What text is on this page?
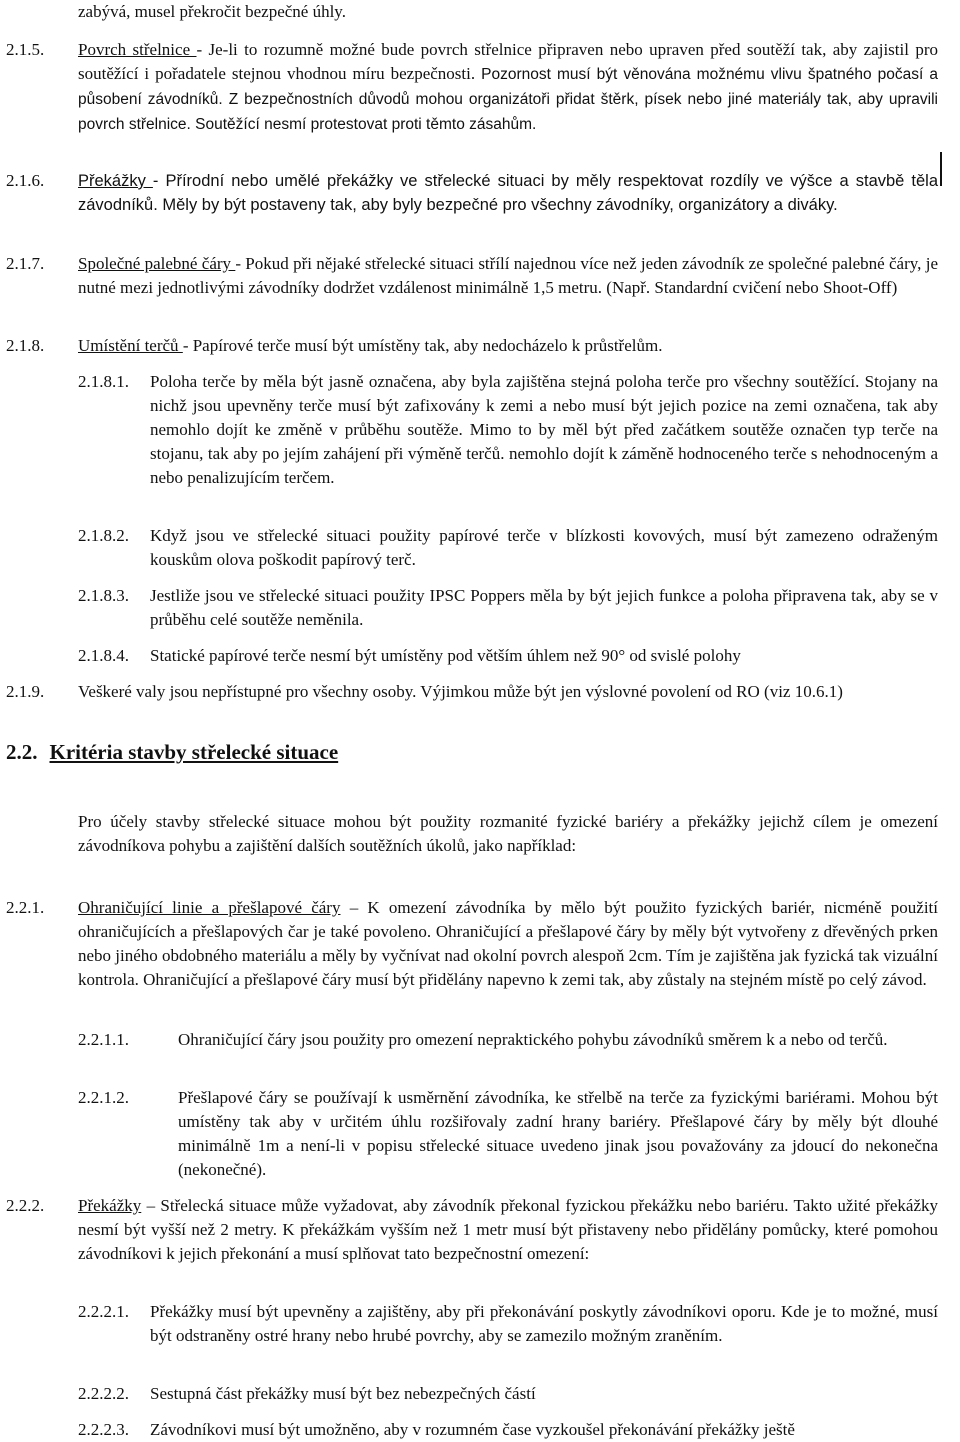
zabývá, musel překročit bezpečné úhly.
2.1.5. Povrch střelnice - Je-li to rozumně možné bude povrch střelnice připraven nebo upraven před soutěží tak, aby zajistil pro soutěžící i pořadatele stejnou vhodnou míru bezpečnosti. Pozornost musí být věnována možnému vlivu špatného počasí a působení závodníků. Z bezpečnostních důvodů mohou organizátoři přidat štěrk, písek nebo jiné materiály tak, aby upravili povrch střelnice. Soutěžící nesmí protestovat proti těmto zásahům.
2.1.6. Překážky - Přírodní nebo umělé překážky ve střelecké situaci by měly respektovat rozdíly ve výšce a stavbě těla závodníků. Měly by být postaveny tak, aby byly bezpečné pro všechny závodníky, organizátory a diváky.
2.1.7. Společné palebné čáry - Pokud při nějaké střelecké situaci střílí najednou více než jeden závodník ze společné palebné čáry, je nutné mezi jednotlivými závodníky dodržet vzdálenost minimálně 1,5 metru. (Např. Standardní cvičení nebo Shoot-Off)
2.1.8. Umístění terčů - Papírové terče musí být umístěny tak, aby nedocházelo k průstřelům.
2.1.8.1. Poloha terče by měla být jasně označena, aby byla zajištěna stejná poloha terče pro všechny soutěžící. Stojany na nichž jsou upevněny terče musí být zafixovány k zemi a nebo musí být jejich pozice na zemi označena, tak aby nemohlo dojít ke změně v průběhu soutěže. Mimo to by měl být před začátkem soutěže označen typ terče na stojanu, tak aby po jejím zahájení při výměně terčů. nemohlo dojít k záměně hodnoceného terče s nehodnoceným a nebo penalizujícím terčem.
2.1.8.2. Když jsou ve střelecké situaci použity papírové terče v blízkosti kovových, musí být zamezeno odraženým kouskům olova poškodit papírový terč.
2.1.8.3. Jestliže jsou ve střelecké situaci použity IPSC Poppers měla by být jejich funkce a poloha připravena tak, aby se v průběhu celé soutěže neměnila.
2.1.8.4. Statické papírové terče nesmí být umístěny pod větším úhlem než 90° od svislé polohy
2.1.9. Veškeré valy jsou nepřístupné pro všechny osoby. Výjimkou může být jen výslovné povolení od RO (viz 10.6.1)
2.2. Kritéria stavby střelecké situace
Pro účely stavby střelecké situace mohou být použity rozmanité fyzické bariéry a překážky jejichž cílem je omezení závodníkova pohybu a zajištění dalších soutěžních úkolů, jako například:
2.2.1. Ohraničující linie a přešlapové čáry – K omezení závodníka by mělo být použito fyzických bariér, nicméně použití ohraničujících a přešlapových čar je také povoleno. Ohraničující a přešlapové čáry by měly být vytvořeny z dřevěných prken nebo jiného obdobného materiálu a měly by vyčnívat nad okolní povrch alespoň 2cm. Tím je zajištěna jak fyzická tak vizuální kontrola. Ohraničující a přešlapové čáry musí být přidělány napevno k zemi tak, aby zůstaly na stejném místě po celý závod.
2.2.1.1.	Ohraničující čáry jsou použity pro omezení nepraktického pohybu závodníků směrem k a nebo od terčů.
2.2.1.2.	Přešlapové čáry se používají k usměrnění závodníka, ke střelbě na terče za fyzickými bariérami. Mohou být umístěny tak aby v určitém úhlu rozšiřovaly zadní hrany bariéry. Přešlapové čáry by měly být dlouhé minimálně 1m a není-li v popisu střelecké situace uvedeno jinak jsou považovány za jdoucí do nekonečna (nekonečné).
2.2.2. Překážky – Střelecká situace může vyžadovat, aby závodník překonal fyzickou překážku nebo bariéru. Takto užité překážky nesmí být vyšší než 2 metry. K překážkám vyšším než 1 metr musí být přistaveny nebo přidělány pomůcky, které pomohou závodníkovi k jejich překonání a musí splňovat tato bezpečnostní omezení:
2.2.2.1. Překážky musí být upevněny a zajištěny, aby při překonávání poskytly závodníkovi oporu. Kde je to možné, musí být odstraněny ostré hrany nebo hrubé povrchy, aby se zamezilo možným zraněním.
2.2.2.2. Sestupná část překážky musí být bez nebezpečných částí
2.2.2.3. Závodníkovi musí být umožněno, aby v rozumném čase vyzkoušel překonávání překážky ještě
